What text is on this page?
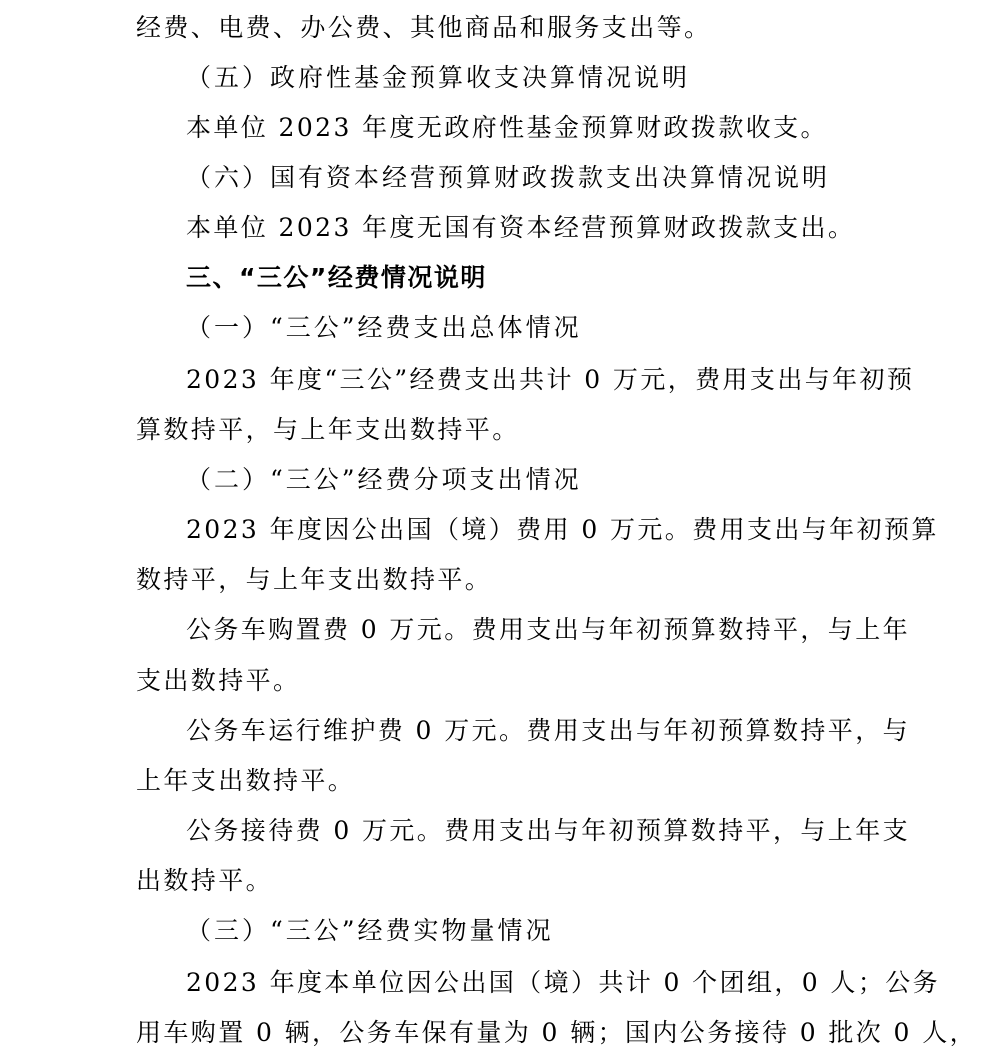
经费、电费、办公费、其他商品和服务支出等。
（五）政府性基金预算收支决算情况说明
本单位 2023 年度无政府性基金预算财政拨款收支。
（六）国有资本经营预算财政拨款支出决算情况说明
本单位 2023 年度无国有资本经营预算财政拨款支出。
三、“三公”经费情况说明
（一）“三公”经费支出总体情况
2023 年度“三公”经费支出共计 0 万元，费用支出与年初预
算数持平，与上年支出数持平。
（二）“三公”经费分项支出情况
2023 年度因公出国（境）费用 0 万元。费用支出与年初预算
数持平，与上年支出数持平。
公务车购置费 0 万元。费用支出与年初预算数持平，与上年
支出数持平。
公务车运行维护费 0 万元。费用支出与年初预算数持平，与
上年支出数持平。
公务接待费 0 万元。费用支出与年初预算数持平，与上年支
出数持平。
（三）“三公”经费实物量情况
2023 年度本单位因公出国（境）共计 0 个团组，0 人；公务
用车购置 0 辆，公务车保有量为 0 辆；国内公务接待 0 批次 0 人，
